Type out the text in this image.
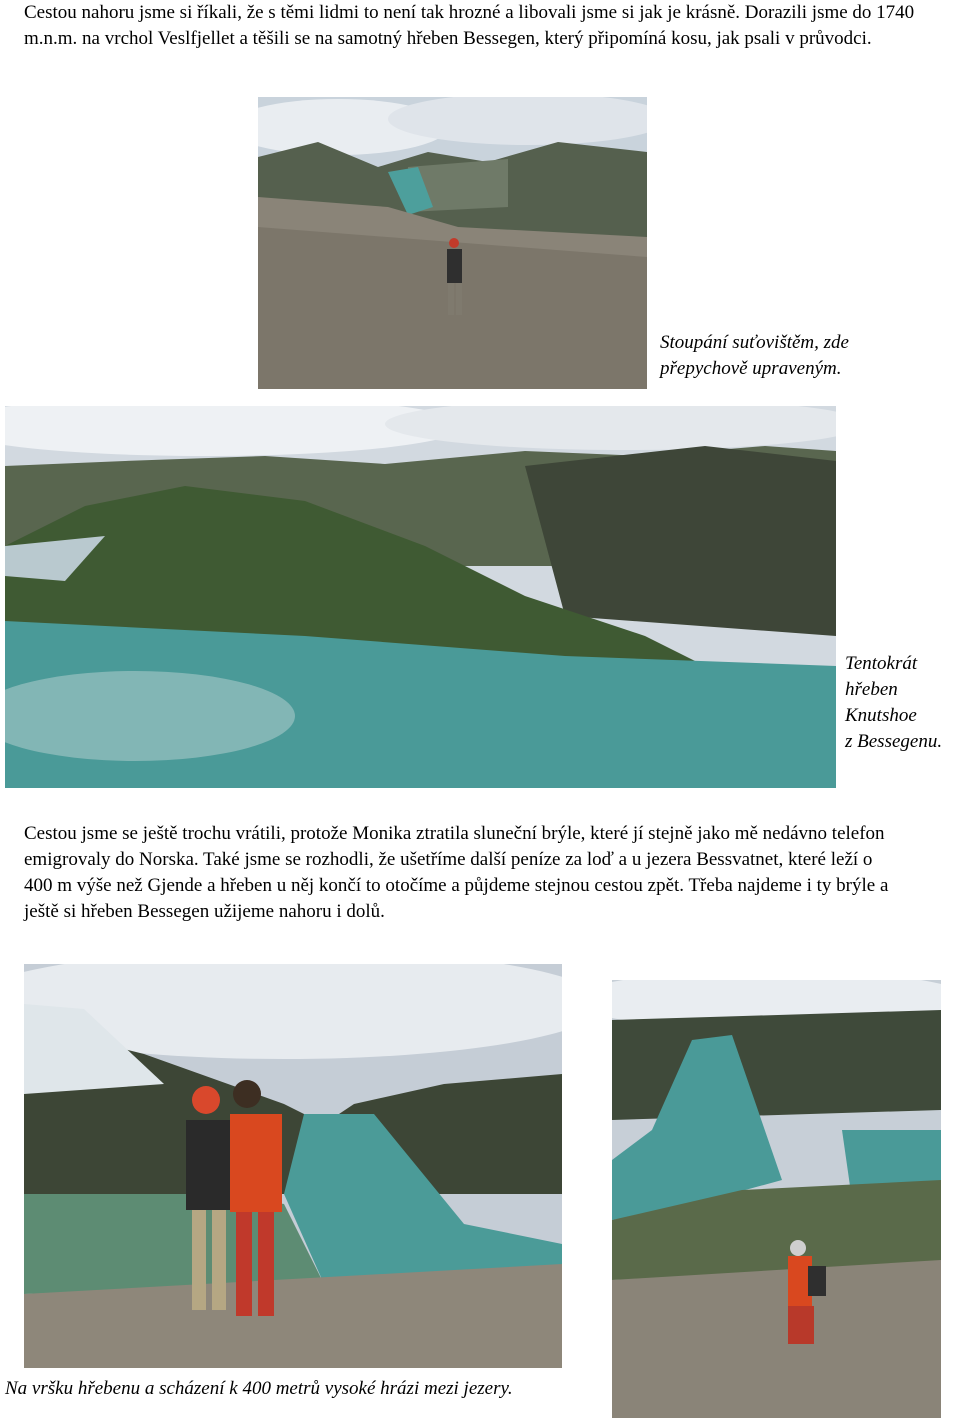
Cestou nahoru jsme si říkali, že s těmi lidmi to není tak hrozné a libovali jsme si jak je krásně. Dorazili jsme do 1740 m.n.m. na vrchol Veslfjellet a těšili se na samotný hřeben Bessegen, který připomíná kosu, jak psali v průvodci.

Stoupání suťovištěm, zde

přepychově upraveným.

Tentokrát

hřeben

Knutshoe

z Bessegenu.

Cestou jsme se ještě trochu vrátili, protože Monika ztratila sluneční brýle, které jí stejně jako mě nedávno telefon emigrovaly do Norska. Také jsme se rozhodli, že ušetříme další peníze za loď a u jezera Bessvatnet, které leží o 400 m výše než Gjende a hřeben u něj končí to otočíme a půjdeme stejnou cestou zpět. Třeba najdeme i ty brýle a ještě si hřeben Bessegen užijeme nahoru i dolů.

Na vršku hřebenu a scházení k 400 metrů vysoké hrázi mezi jezery.
